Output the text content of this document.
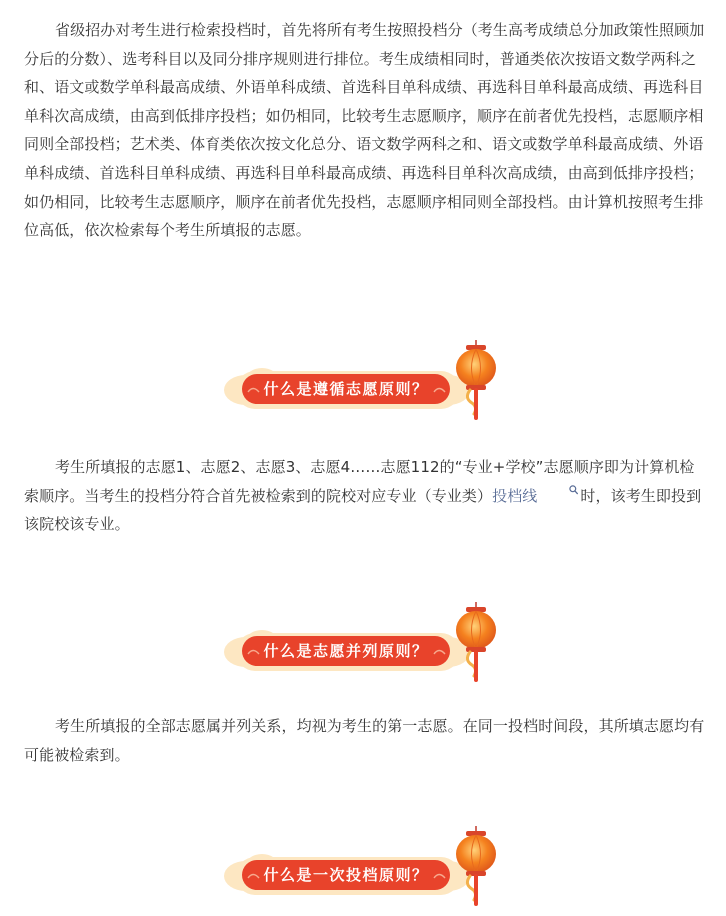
省级招办对考生进行检索投档时，首先将所有考生按照投档分（考生高考成绩总分加政策性照顾加分后的分数）、选考科目以及同分排序规则进行排位。考生成绩相同时，普通类依次按语文数学两科之和、语文或数学单科最高成绩、外语单科成绩、首选科目单科成绩、再选科目单科最高成绩、再选科目单科次高成绩，由高到低排序投档；如仍相同，比较考生志愿顺序，顺序在前者优先投档，志愿顺序相同则全部投档；艺术类、体育类依次按文化总分、语文数学两科之和、语文或数学单科最高成绩、外语单科成绩、首选科目单科成绩、再选科目单科最高成绩、再选科目单科次高成绩，由高到低排序投档；如仍相同，比较考生志愿顺序，顺序在前者优先投档，志愿顺序相同则全部投档。由计算机按照考生排位高低，依次检索每个考生所填报的志愿。

什么是遵循志愿原则？

考生所填报的志愿1、志愿2、志愿3、志愿4……志愿112的“专业+学校”志愿顺序即为计算机检索顺序。当考生的投档分符合首先被检索到的院校对应专业（专业类）投档线	时，该考生即投到该院校该专业。

什么是志愿并列原则？

考生所填报的全部志愿属并列关系，均视为考生的第一志愿。在同一投档时间段，其所填志愿均有可能被检索到。

什么是一次投档原则？
